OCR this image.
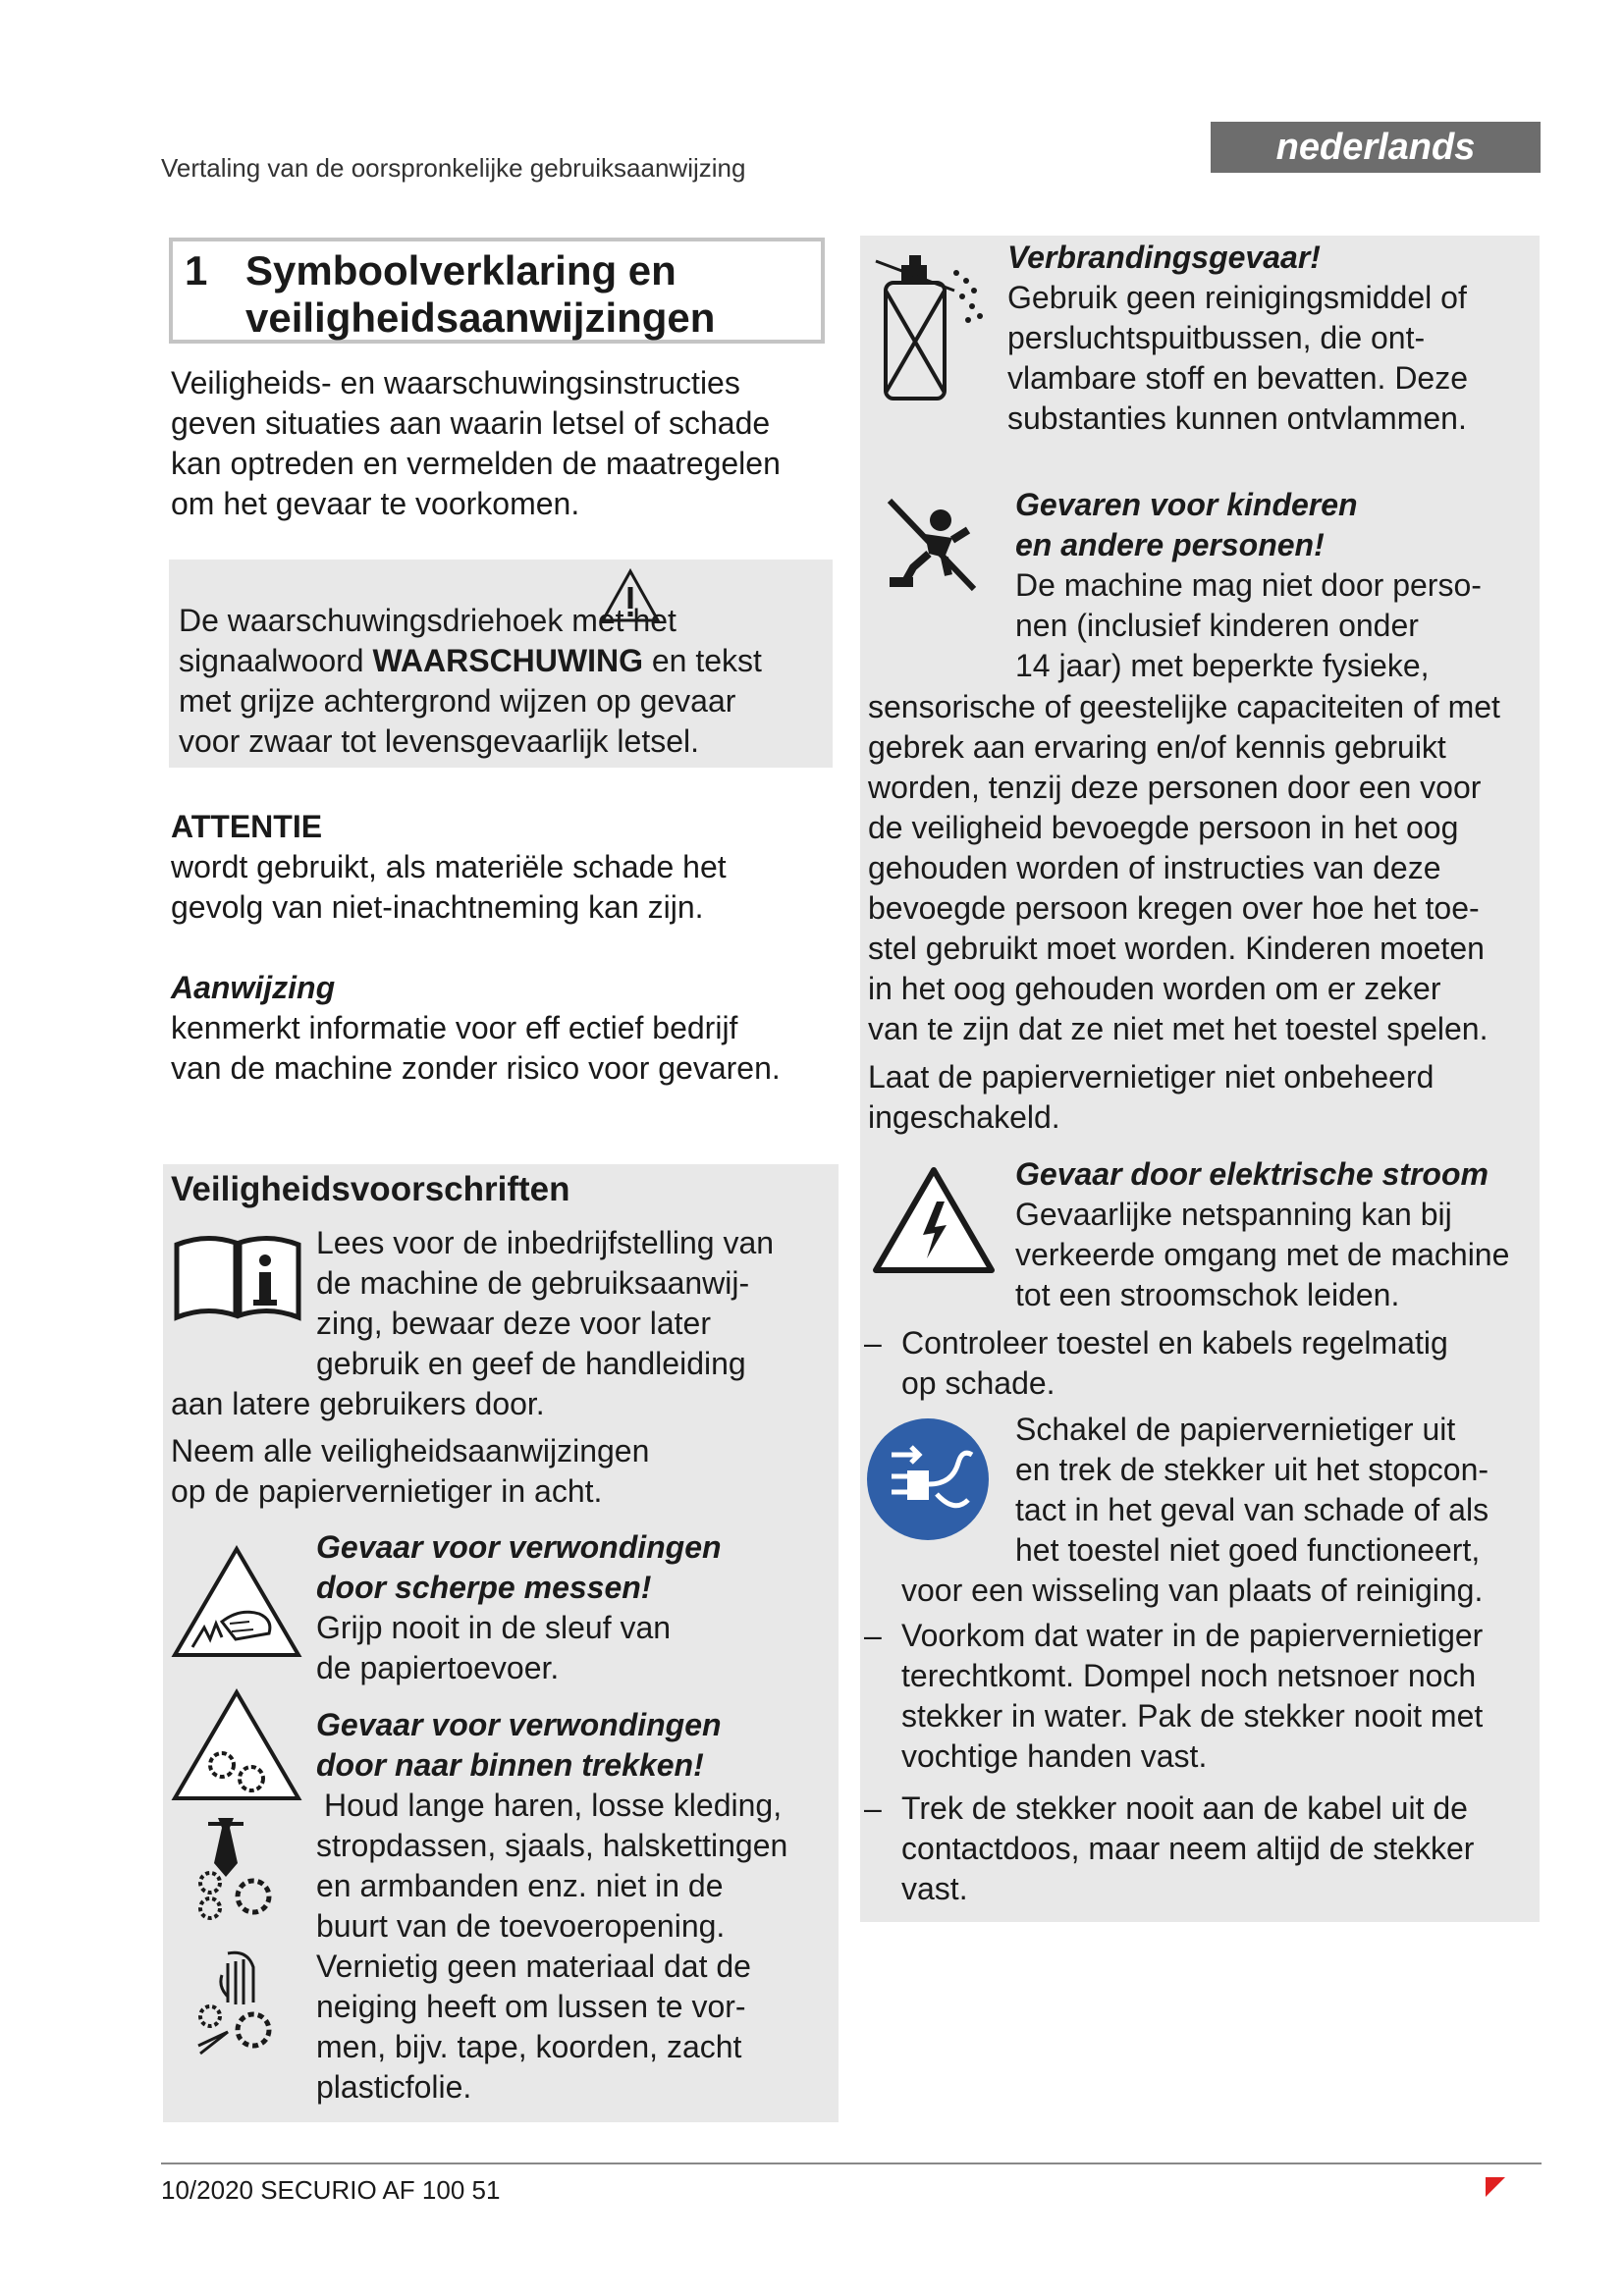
Vertaling van de oorspronkelijke gebruiksaanwijzing
nederlands
1 Symboolverklaring en
veiligheidsaanwijzingen
Veiligheids- en waarschuwingsinstructies
geven situaties aan waarin letsel of schade
kan optreden en vermelden de maatregelen
om het gevaar te voorkomen.
De waarschuwingsdriehoek met het
signaalwoord WAARSCHUWING en tekst
met grijze achtergrond wijzen op gevaar
voor zwaar tot levensgevaarlijk letsel.
ATTENTIE
wordt gebruikt, als materiële schade het
gevolg van niet-inachtneming kan zijn.
Aanwijzing
kenmerkt informatie voor eff ectief bedrijf
van de machine zonder risico voor gevaren.
Veiligheidsvoorschriften
Lees voor de inbedrijfstelling van
de machine de gebruiksaanwij-
zing, bewaar deze voor later
gebruik en geef de handleiding
aan latere gebruikers door.
Neem alle veiligheidsaanwijzingen
op de papiervernietiger in acht.
Gevaar voor verwondingen
door scherpe messen!
Grijp nooit in de sleuf van
de papiertoevoer.
Gevaar voor verwondingen
door naar binnen trekken!
Houd lange haren, losse kleding,
stropdassen, sjaals, halskettingen
en armbanden enz. niet in de
buurt van de toevoeropening.
Vernietig geen materiaal dat de
neiging heeft om lussen te vor-
men, bijv. tape, koorden, zacht
plasticfolie.
Verbrandingsgevaar!
Gebruik geen reinigingsmiddel of
persluchtspuitbussen, die ont-
vlambare stoff en bevatten. Deze
substanties kunnen ontvlammen.
Gevaren voor kinderen
en andere personen!
De machine mag niet door perso-
nen (inclusief kinderen onder
14 jaar) met beperkte fysieke,
sensorische of geestelijke capaciteiten of met
gebrek aan ervaring en/of kennis gebruikt
worden, tenzij deze personen door een voor
de veiligheid bevoegde persoon in het oog
gehouden worden of instructies van deze
bevoegde persoon kregen over hoe het toe-
stel gebruikt moet worden. Kinderen moeten
in het oog gehouden worden om er zeker
van te zijn dat ze niet met het toestel spelen.
Laat de papiervernietiger niet onbeheerd
ingeschakeld.
Gevaar door elektrische stroom
Gevaarlijke netspanning kan bij
verkeerde omgang met de machine
tot een stroomschok leiden.
– Controleer toestel en kabels regelmatig
op schade.
Schakel de papiervernietiger uit
en trek de stekker uit het stopcon-
tact in het geval van schade of als
het toestel niet goed functioneert,
voor een wisseling van plaats of reiniging.
– Voorkom dat water in de papiervernietiger
terechtkomt. Dompel noch netsnoer noch
stekker in water. Pak de stekker nooit met
vochtige handen vast.
– Trek de stekker nooit aan de kabel uit de
contactdoos, maar neem altijd de stekker
vast.
10/2020 SECURIO AF 100 51
